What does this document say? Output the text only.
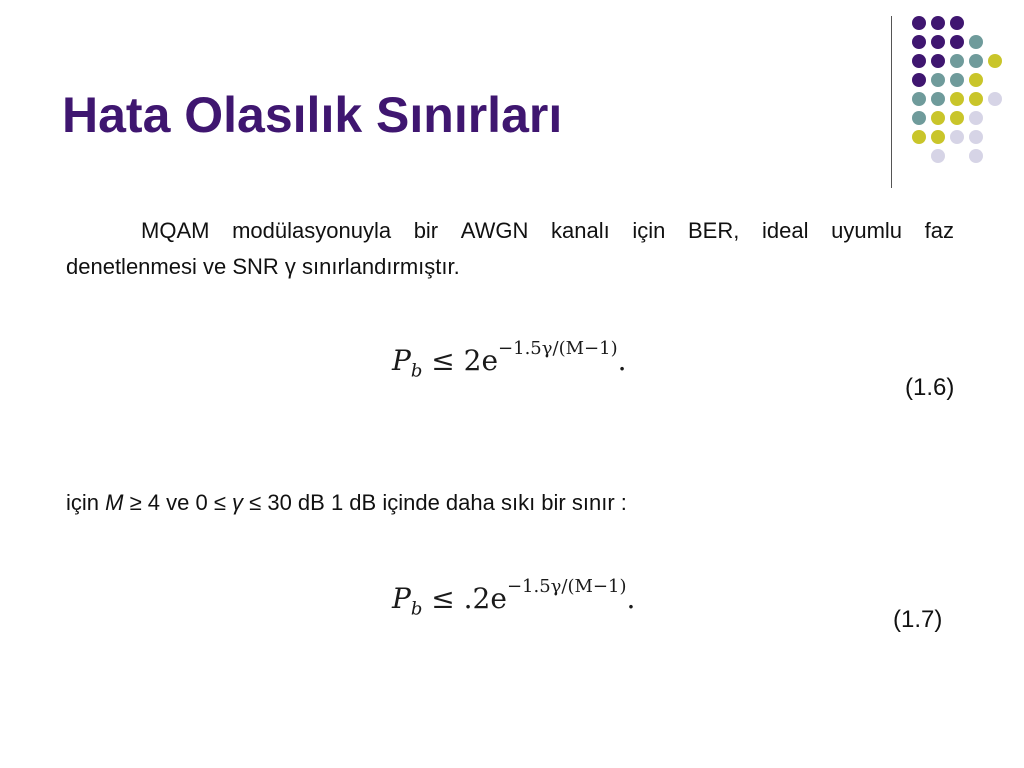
Hata Olasılık Sınırları
MQAM modülasyonuyla bir AWGN kanalı için BER, ideal uyumlu faz
denetlenmesi ve SNR γ sınırlandırmıştır.
$P_b \le 2e^{-1.5\gamma/(M-1)}$.
(1.6)
için M ≥ 4 ve 0 ≤ γ ≤ 30 dB 1 dB içinde daha sıkı bir sınır :
$P_b \le .2e^{-1.5\gamma/(M-1)}$.
(1.7)
